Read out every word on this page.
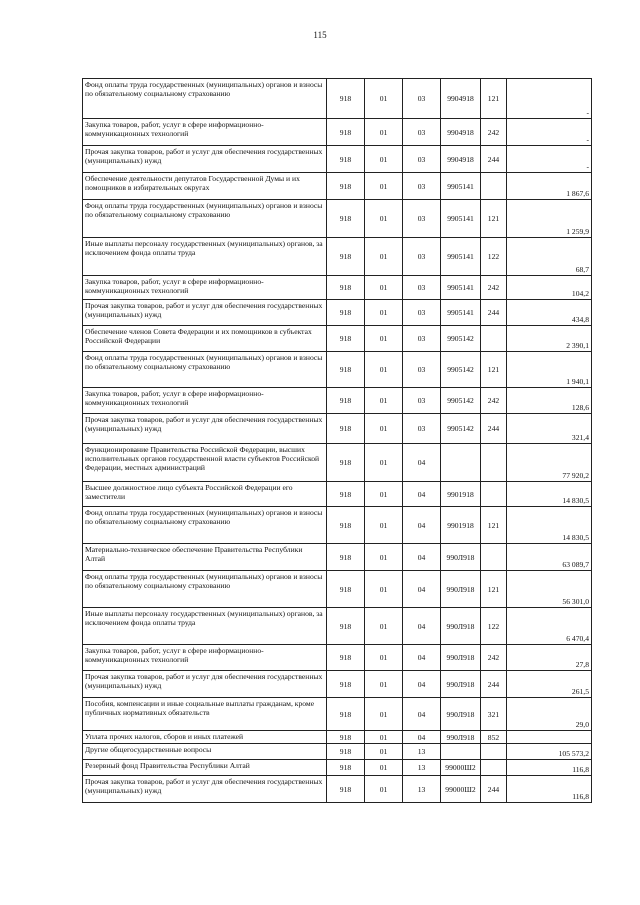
115
Фонд оплаты труда государственных (муниципальных) органов и взносы по обязательному социальному страхованию	918	01	03	9904918	121	-
Закупка товаров, работ, услуг в сфере информационно-коммуникационных технологий	918	01	03	9904918	242	-
Прочая закупка товаров, работ и услуг для обеспечения государственных (муниципальных) нужд	918	01	03	9904918	244	-
Обеспечение деятельности депутатов Государственной Думы и их помощников в избирательных округах	918	01	03	9905141		1 867,6
Фонд оплаты труда государственных (муниципальных) органов и взносы по обязательному социальному страхованию	918	01	03	9905141	121	1 259,9
Иные выплаты персоналу государственных (муниципальных) органов, за исключением фонда оплаты труда	918	01	03	9905141	122	68,7
Закупка товаров, работ, услуг в сфере информационно-коммуникационных технологий	918	01	03	9905141	242	104,2
Прочая закупка товаров, работ и услуг для обеспечения государственных (муниципальных) нужд	918	01	03	9905141	244	434,8
Обеспечение членов Совета Федерации и их помощников в субъектах Российской Федерации	918	01	03	9905142		2 390,1
Фонд оплаты труда государственных (муниципальных) органов и взносы по обязательному социальному страхованию	918	01	03	9905142	121	1 940,1
Закупка товаров, работ, услуг в сфере информационно-коммуникационных технологий	918	01	03	9905142	242	128,6
Прочая закупка товаров, работ и услуг для обеспечения государственных (муниципальных) нужд	918	01	03	9905142	244	321,4
Функционирование Правительства Российской Федерации, высших исполнительных органов государственной власти субъектов Российской Федерации, местных администраций	918	01	04			77 920,2
Высшее должностное лицо субъекта Российской Федерации его заместители	918	01	04	9901918		14 830,5
Фонд оплаты труда государственных (муниципальных) органов и взносы по обязательному социальному страхованию	918	01	04	9901918	121	14 830,5
Материально-техническое обеспечение Правительства Республики Алтай	918	01	04	990Л918		63 089,7
Фонд оплаты труда государственных (муниципальных) органов и взносы по обязательному социальному страхованию	918	01	04	990Л918	121	56 301,0
Иные выплаты персоналу государственных (муниципальных) органов, за исключением фонда оплаты труда	918	01	04	990Л918	122	6 470,4
Закупка товаров, работ, услуг в сфере информационно-коммуникационных технологий	918	01	04	990Л918	242	27,8
Прочая закупка товаров, работ и услуг для обеспечения государственных (муниципальных) нужд	918	01	04	990Л918	244	261,5
Пособия, компенсации и иные социальные выплаты гражданам, кроме публичных нормативных обязательств	918	01	04	990Л918	321	29,0
Уплата прочих налогов, сборов и иных платежей	918	01	04	990Л918	852	
Другие общегосударственные вопросы	918	01	13			105 573,2
Резервный фонд Правительства Республики Алтай	918	01	13	99000Ш2		116,8
Прочая закупка товаров, работ и услуг для обеспечения государственных (муниципальных) нужд	918	01	13	99000Ш2	244	116,8
